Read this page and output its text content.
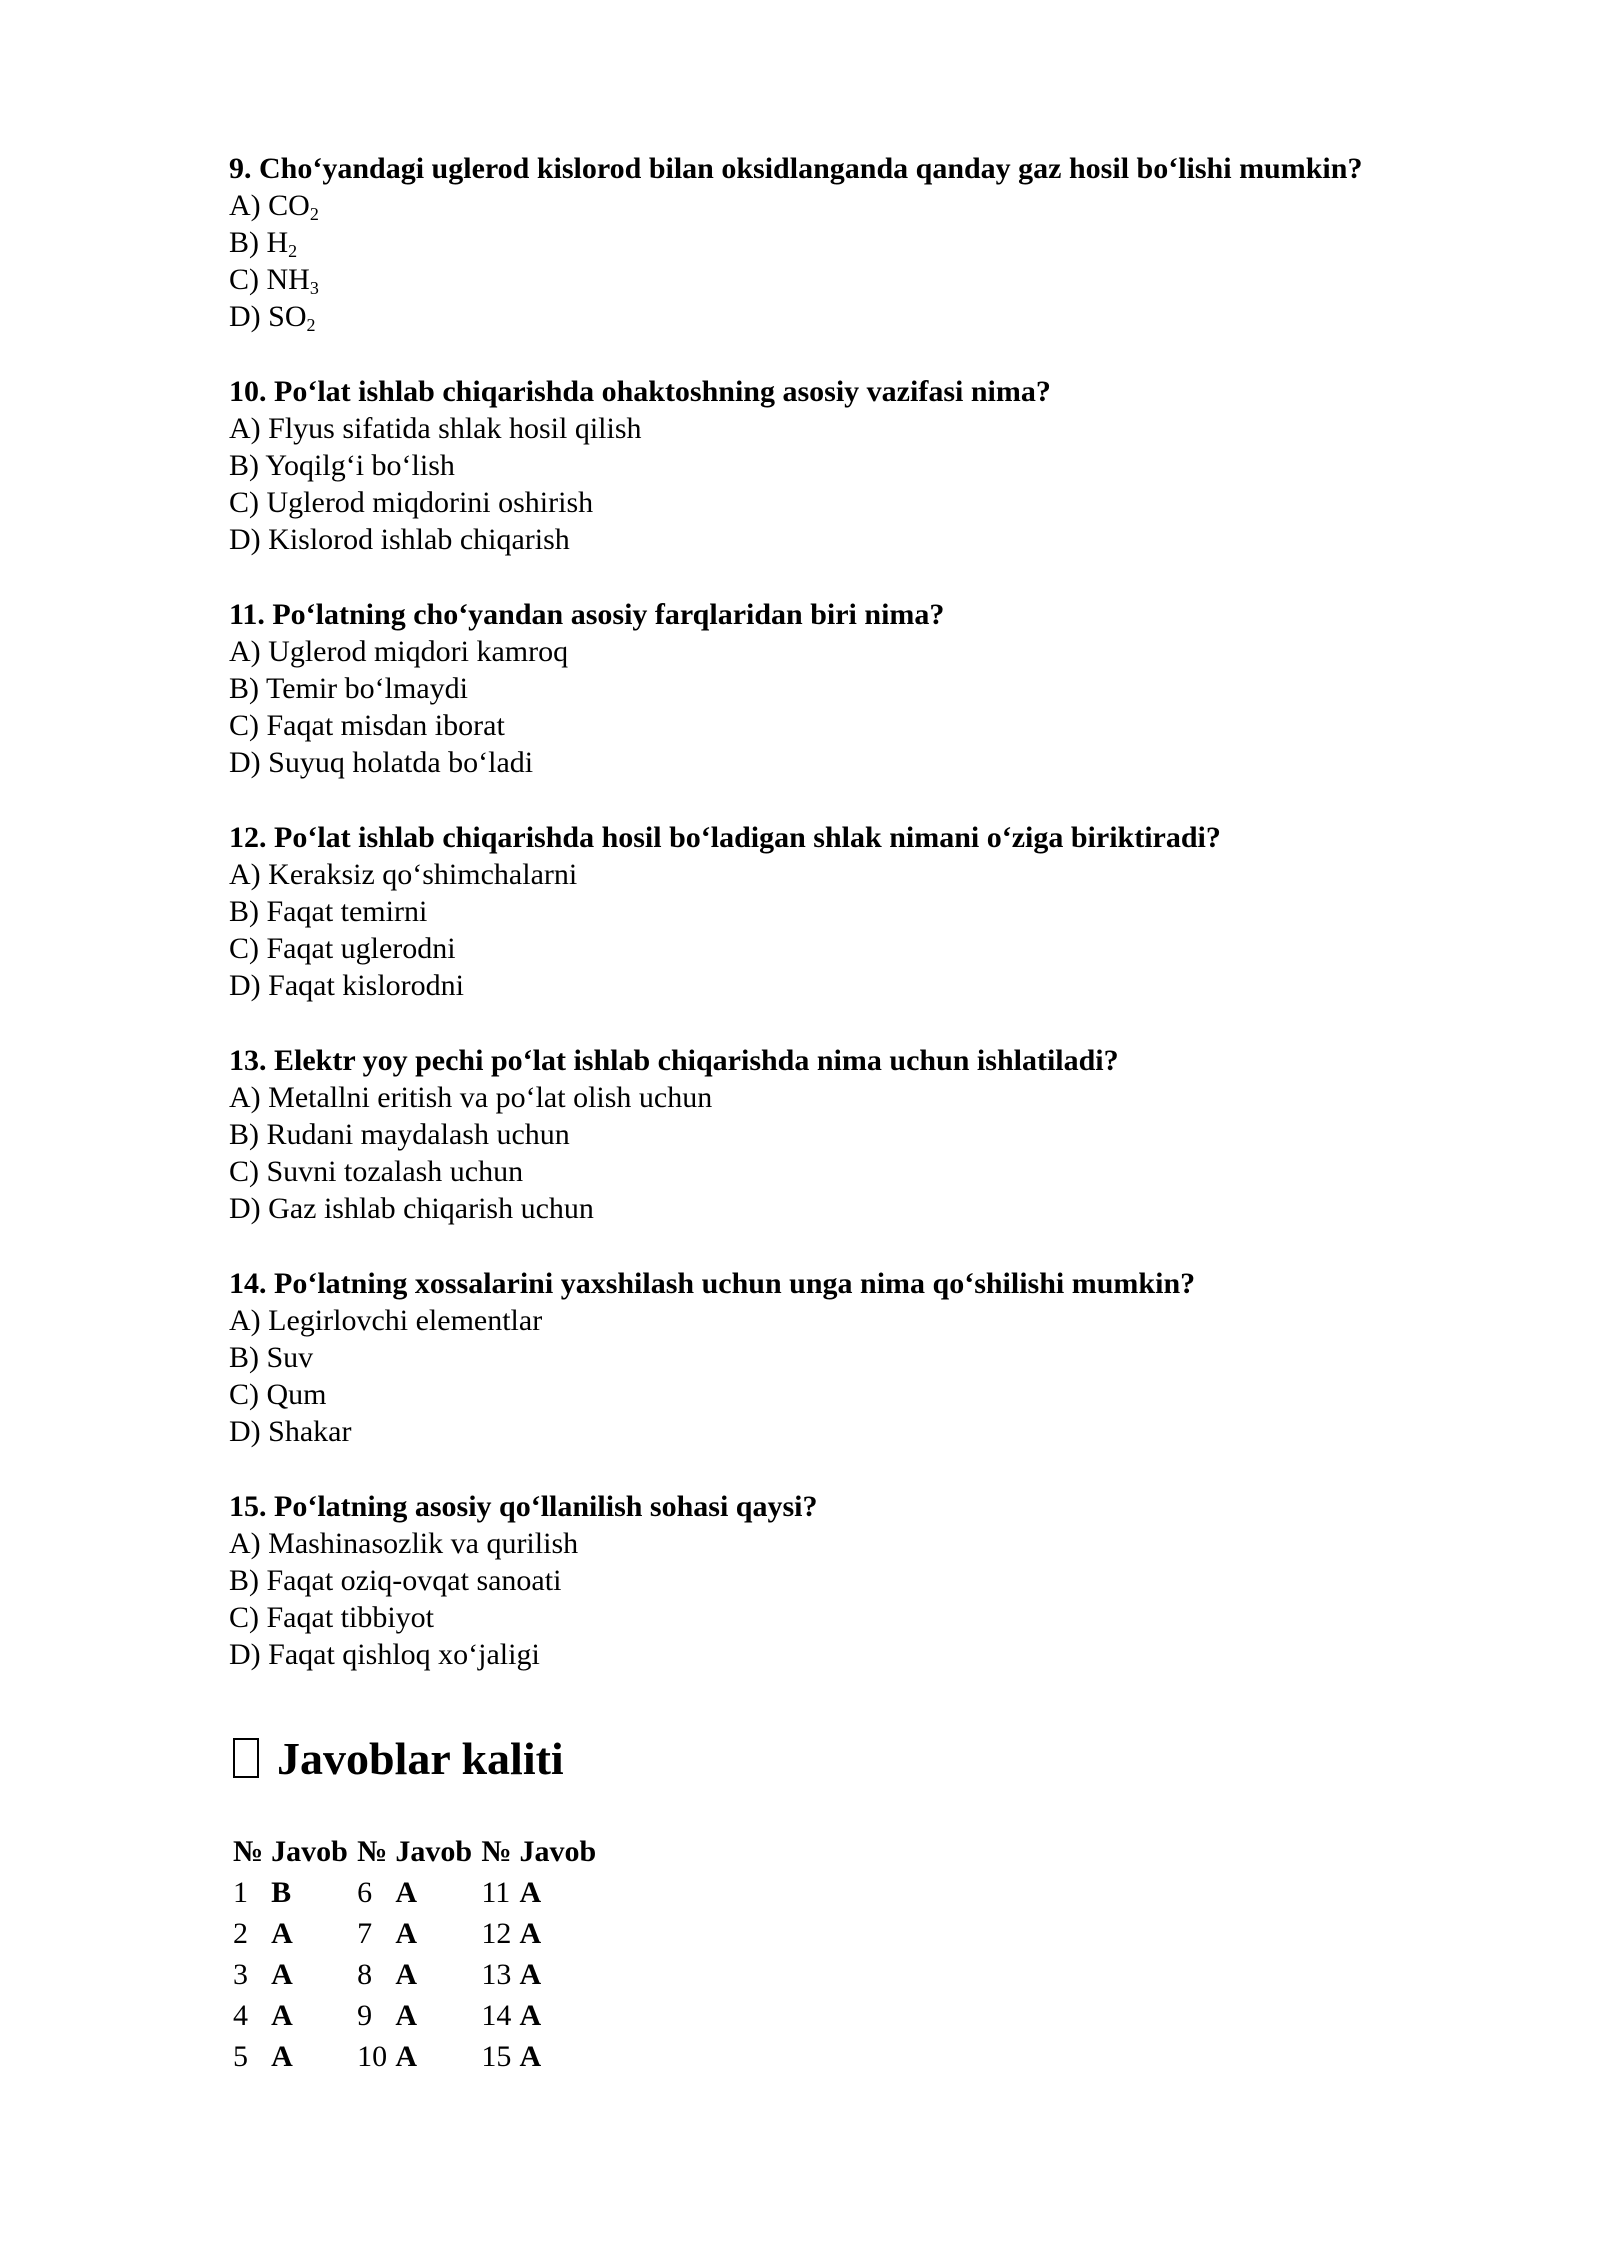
9. Cho‘yandagi uglerod kislorod bilan oksidlanganda qanday gaz hosil bo‘lishi mumkin?
A) $CO_2$
B) $H_2$
C) $NH_3$
D) $SO_2$
10. Po‘lat ishlab chiqarishda ohaktoshning asosiy vazifasi nima?
A) Flyus sifatida shlak hosil qilish
B) Yoqilg‘i bo‘lish
C) Uglerod miqdorini oshirish
D) Kislorod ishlab chiqarish
11. Po‘latning cho‘yandan asosiy farqlaridan biri nima?
A) Uglerod miqdori kamroq
B) Temir bo‘lmaydi
C) Faqat misdan iborat
D) Suyuq holatda bo‘ladi
12. Po‘lat ishlab chiqarishda hosil bo‘ladigan shlak nimani o‘ziga biriktiradi?
A) Keraksiz qo‘shimchalarni
B) Faqat temirni
C) Faqat uglerodni
D) Faqat kislorodni
13. Elektr yoy pechi po‘lat ishlab chiqarishda nima uchun ishlatiladi?
A) Metallni eritish va po‘lat olish uchun
B) Rudani maydalash uchun
C) Suvni tozalash uchun
D) Gaz ishlab chiqarish uchun
14. Po‘latning xossalarini yaxshilash uchun unga nima qo‘shilishi mumkin?
A) Legirlovchi elementlar
B) Suv
C) Qum
D) Shakar
15. Po‘latning asosiy qo‘llanilish sohasi qaysi?
A) Mashinasozlik va qurilish
B) Faqat oziq-ovqat sanoati
C) Faqat tibbiyot
D) Faqat qishloq xo‘jaligi
Javoblar kaliti
№	Javob	№	Javob	№	Javob
1	B	6	A	11	A
2	A	7	A	12	A
3	A	8	A	13	A
4	A	9	A	14	A
5	A	10	A	15	A
